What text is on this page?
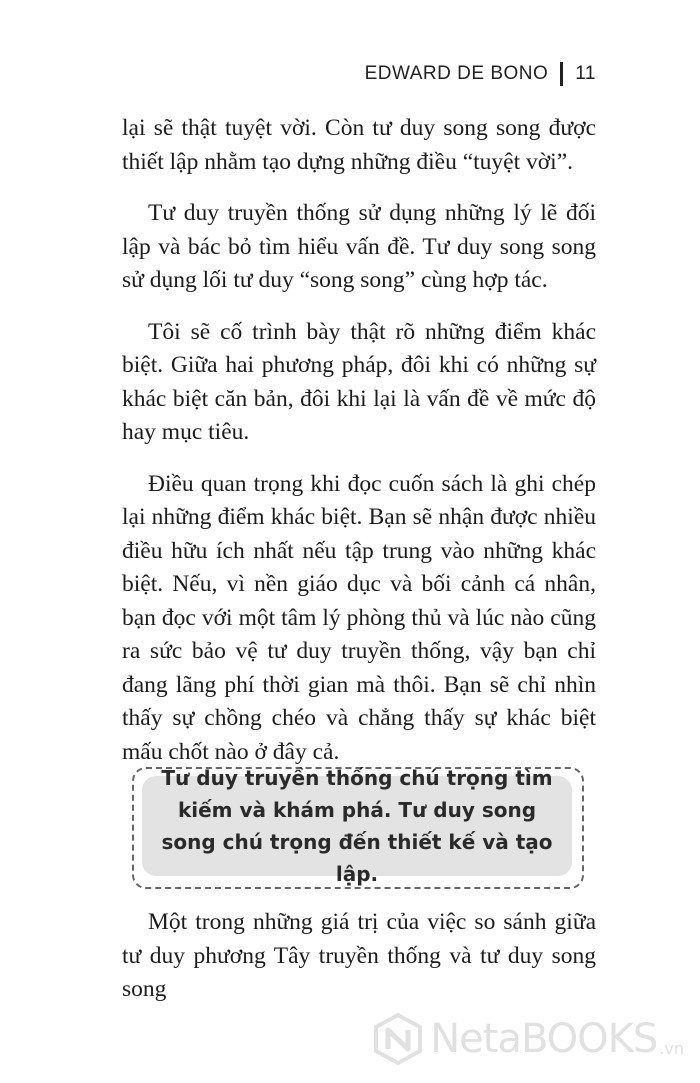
EDWARD DE BONO 11

lại sẽ thật tuyệt vời. Còn tư duy song song được thiết lập nhằm tạo dựng những điều “tuyệt vời”.

Tư duy truyền thống sử dụng những lý lẽ đối lập và bác bỏ tìm hiểu vấn đề. Tư duy song song sử dụng lối tư duy “song song” cùng hợp tác.

Tôi sẽ cố trình bày thật rõ những điểm khác biệt. Giữa hai phương pháp, đôi khi có những sự khác biệt căn bản, đôi khi lại là vấn đề về mức độ hay mục tiêu.

Điều quan trọng khi đọc cuốn sách là ghi chép lại những điểm khác biệt. Bạn sẽ nhận được nhiều điều hữu ích nhất nếu tập trung vào những khác biệt. Nếu, vì nền giáo dục và bối cảnh cá nhân, bạn đọc với một tâm lý phòng thủ và lúc nào cũng ra sức bảo vệ tư duy truyền thống, vậy bạn chỉ đang lãng phí thời gian mà thôi. Bạn sẽ chỉ nhìn thấy sự chồng chéo và chẳng thấy sự khác biệt mấu chốt nào ở đây cả.

Tư duy truyền thống chú trọng tìm kiếm và khám phá. Tư duy song song chú trọng đến thiết kế và tạo lập.

Một trong những giá trị của việc so sánh giữa tư duy phương Tây truyền thống và tư duy song song

NetaBOOKS .vn
